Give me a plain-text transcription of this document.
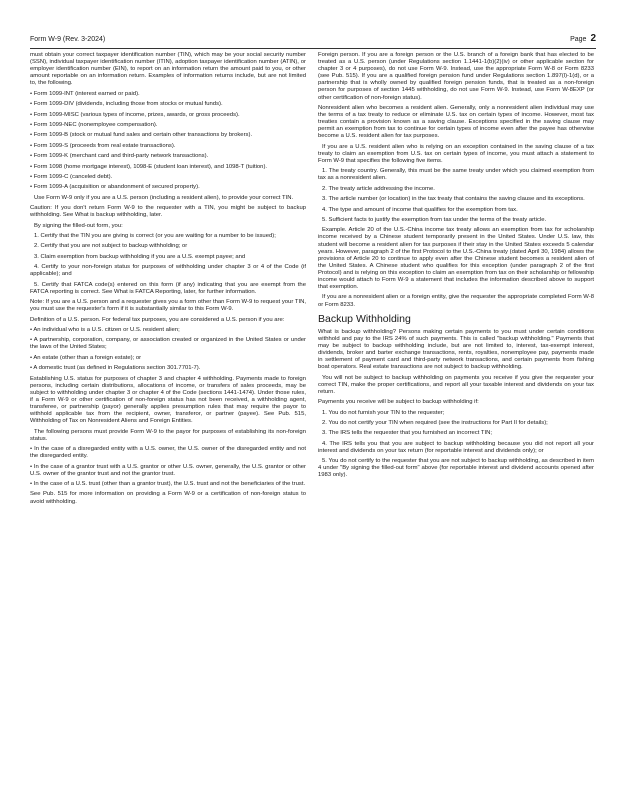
Form W-9 (Rev. 3-2024)	Page 2

must obtain your correct taxpayer identification number (TIN), which may be your social security number (SSN), individual taxpayer identification number (ITIN), adoption taxpayer identification number (ATIN), or employer identification number (EIN), to report on an information return the amount paid to you, or other amount reportable on an information return. Examples of information returns include, but are not limited to, the following.

• Form 1099-INT (interest earned or paid).

• Form 1099-DIV (dividends, including those from stocks or mutual funds).

• Form 1099-MISC (various types of income, prizes, awards, or gross proceeds).

• Form 1099-NEC (nonemployee compensation).

• Form 1099-B (stock or mutual fund sales and certain other transactions by brokers).

• Form 1099-S (proceeds from real estate transactions).

• Form 1099-K (merchant card and third-party network transactions).

• Form 1098 (home mortgage interest), 1098-E (student loan interest), and 1098-T (tuition).

• Form 1099-C (canceled debt).

• Form 1099-A (acquisition or abandonment of secured property).

Use Form W-9 only if you are a U.S. person (including a resident alien), to provide your correct TIN.

Caution: If you don't return Form W-9 to the requester with a TIN, you might be subject to backup withholding. See What is backup withholding, later.

By signing the filled-out form, you:

1. Certify that the TIN you are giving is correct (or you are waiting for a number to be issued);

2. Certify that you are not subject to backup withholding; or

3. Claim exemption from backup withholding if you are a U.S. exempt payee; and

4. Certify to your non-foreign status for purposes of withholding under chapter 3 or 4 of the Code (if applicable); and

5. Certify that FATCA code(s) entered on this form (if any) indicating that you are exempt from the FATCA reporting is correct. See What is FATCA Reporting, later, for further information.

Note: If you are a U.S. person and a requester gives you a form other than Form W-9 to request your TIN, you must use the requester's form if it is substantially similar to this Form W-9.

Definition of a U.S. person. For federal tax purposes, you are considered a U.S. person if you are:

• An individual who is a U.S. citizen or U.S. resident alien;

• A partnership, corporation, company, or association created or organized in the United States or under the laws of the United States;

• An estate (other than a foreign estate); or

• A domestic trust (as defined in Regulations section 301.7701-7).

Establishing U.S. status for purposes of chapter 3 and chapter 4 withholding. Payments made to foreign persons, including certain distributions, allocations of income, or transfers of sales proceeds, may be subject to withholding under chapter 3 or chapter 4 of the Code (sections 1441-1474). Under those rules, if a Form W-9 or other certification of non-foreign status has not been received, a withholding agent, transferee, or partnership (payor) generally applies presumption rules that may require the payor to withhold applicable tax from the recipient, owner, transferor, or partner (payee). See Pub. 515, Withholding of Tax on Nonresident Aliens and Foreign Entities.

The following persons must provide Form W-9 to the payor for purposes of establishing its non-foreign status.

• In the case of a disregarded entity with a U.S. owner, the U.S. owner of the disregarded entity and not the disregarded entity.

• In the case of a grantor trust with a U.S. grantor or other U.S. owner, generally, the U.S. grantor or other U.S. owner of the grantor trust and not the grantor trust.

• In the case of a U.S. trust (other than a grantor trust), the U.S. trust and not the beneficiaries of the trust.

See Pub. 515 for more information on providing a Form W-9 or a certification of non-foreign status to avoid withholding.

Foreign person. If you are a foreign person or the U.S. branch of a foreign bank that has elected to be treated as a U.S. person (under Regulations section 1.1441-1(b)(2)(iv) or other applicable section for chapter 3 or 4 purposes), do not use Form W-9. Instead, use the appropriate Form W-8 or Form 8233 (see Pub. 515). If you are a qualified foreign pension fund under Regulations section 1.897(l)-1(d), or a partnership that is wholly owned by qualified foreign pension funds, that is treated as a non-foreign person for purposes of section 1445 withholding, do not use Form W-9. Instead, use Form W-8EXP (or other certification of non-foreign status).

Nonresident alien who becomes a resident alien. Generally, only a nonresident alien individual may use the terms of a tax treaty to reduce or eliminate U.S. tax on certain types of income. However, most tax treaties contain a provision known as a saving clause. Exceptions specified in the saving clause may permit an exemption from tax to continue for certain types of income even after the payee has otherwise become a U.S. resident alien for tax purposes.

If you are a U.S. resident alien who is relying on an exception contained in the saving clause of a tax treaty to claim an exemption from U.S. tax on certain types of income, you must attach a statement to Form W-9 that specifies the following five items.

1. The treaty country. Generally, this must be the same treaty under which you claimed exemption from tax as a nonresident alien.

2. The treaty article addressing the income.

3. The article number (or location) in the tax treaty that contains the saving clause and its exceptions.

4. The type and amount of income that qualifies for the exemption from tax.

5. Sufficient facts to justify the exemption from tax under the terms of the treaty article.

Example. Article 20 of the U.S.-China income tax treaty allows an exemption from tax for scholarship income received by a Chinese student temporarily present in the United States. Under U.S. law, this student will become a resident alien for tax purposes if their stay in the United States exceeds 5 calendar years. However, paragraph 2 of the first Protocol to the U.S.-China treaty (dated April 30, 1984) allows the provisions of Article 20 to continue to apply even after the Chinese student becomes a resident alien of the United States. A Chinese student who qualifies for this exception (under paragraph 2 of the first Protocol) and is relying on this exception to claim an exemption from tax on their scholarship or fellowship income would attach to Form W-9 a statement that includes the information described above to support that exemption.

If you are a nonresident alien or a foreign entity, give the requester the appropriate completed Form W-8 or Form 8233.

Backup Withholding

What is backup withholding? Persons making certain payments to you must under certain conditions withhold and pay to the IRS 24% of such payments. This is called "backup withholding." Payments that may be subject to backup withholding include, but are not limited to, interest, tax-exempt interest, dividends, broker and barter exchange transactions, rents, royalties, nonemployee pay, payments made in settlement of payment card and third-party network transactions, and certain payments from fishing boat operators. Real estate transactions are not subject to backup withholding.

You will not be subject to backup withholding on payments you receive if you give the requester your correct TIN, make the proper certifications, and report all your taxable interest and dividends on your tax return.

Payments you receive will be subject to backup withholding if:

1. You do not furnish your TIN to the requester;

2. You do not certify your TIN when required (see the instructions for Part II for details);

3. The IRS tells the requester that you furnished an incorrect TIN;

4. The IRS tells you that you are subject to backup withholding because you did not report all your interest and dividends on your tax return (for reportable interest and dividends only); or

5. You do not certify to the requester that you are not subject to backup withholding, as described in item 4 under "By signing the filled-out form" above (for reportable interest and dividend accounts opened after 1983 only).
